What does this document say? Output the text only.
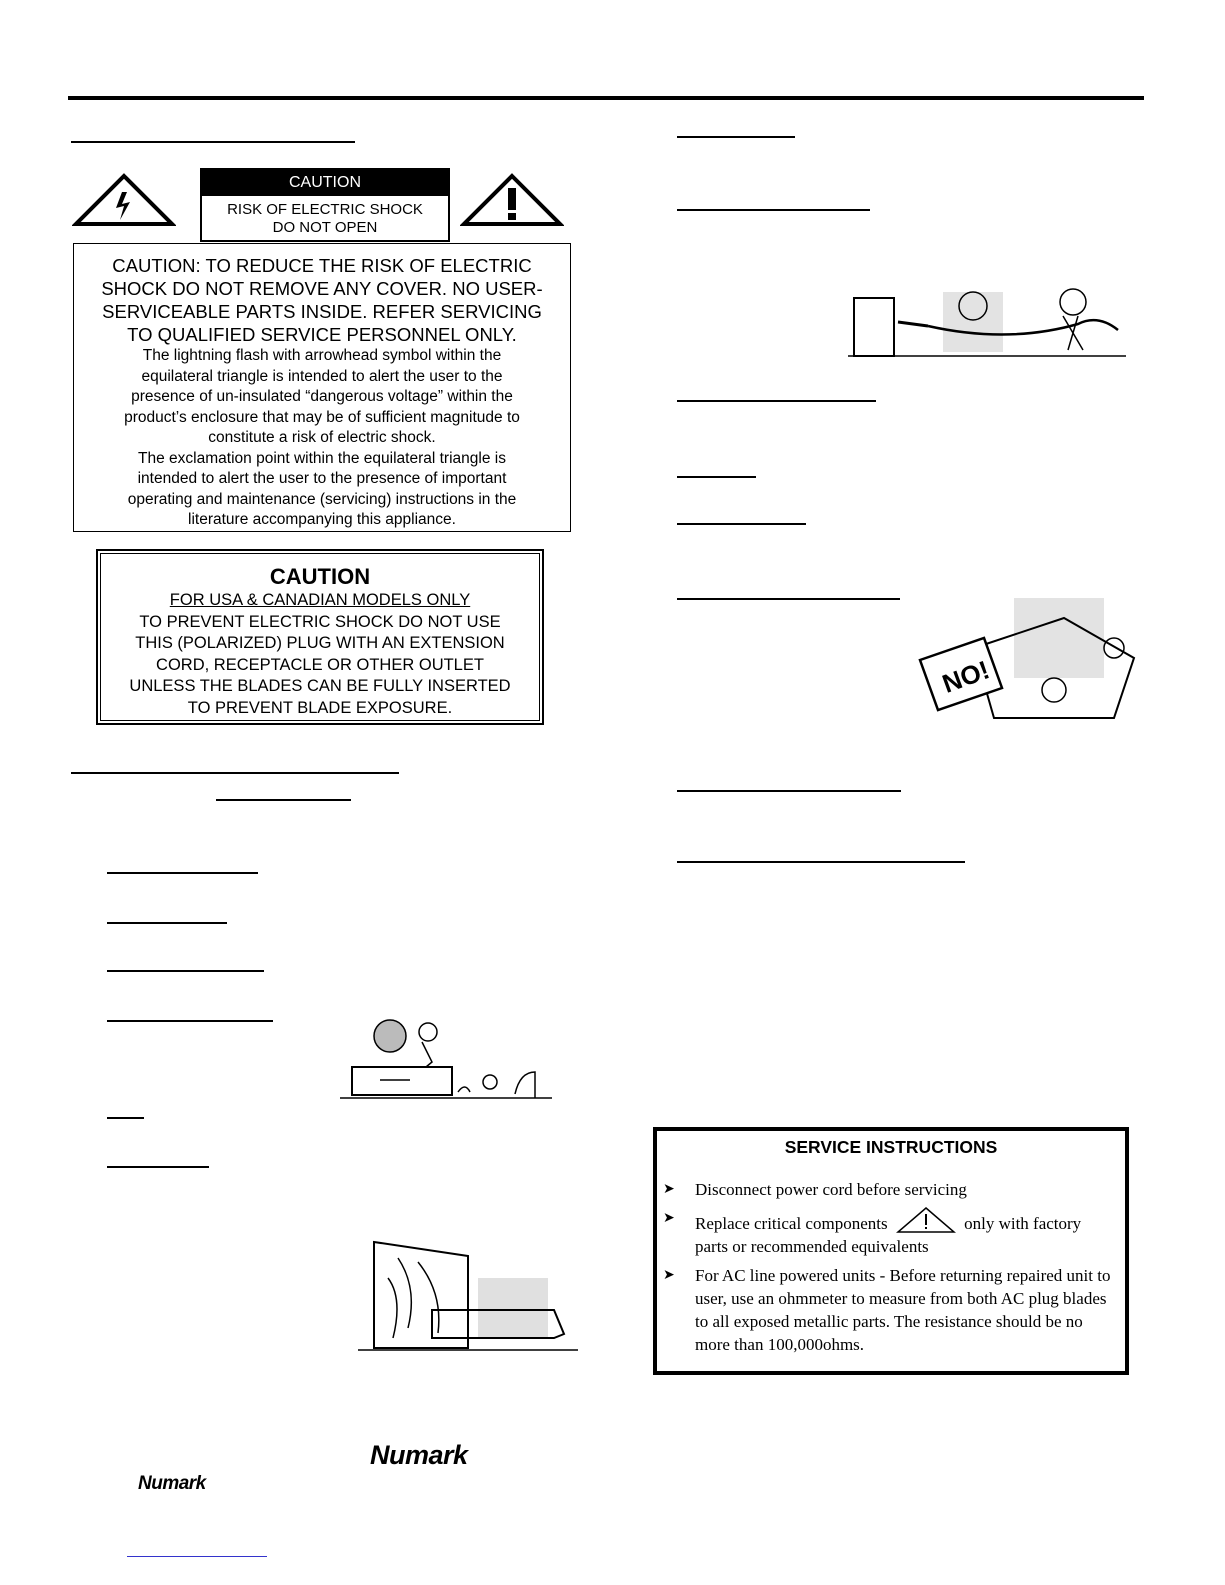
CAUTION
RISK OF ELECTRIC SHOCK
DO NOT OPEN
CAUTION: TO REDUCE THE RISK OF ELECTRIC
SHOCK DO NOT REMOVE ANY COVER. NO USER-
SERVICEABLE PARTS INSIDE. REFER SERVICING
TO QUALIFIED SERVICE PERSONNEL ONLY.
The lightning flash with arrowhead symbol within the
equilateral triangle is intended to alert the user to the
presence of un-insulated “dangerous voltage” within the
product’s enclosure that may be of sufficient magnitude to
constitute a risk of electric shock.
The exclamation point within the equilateral triangle is
intended to alert the user to the presence of important
operating and maintenance (servicing) instructions in the
literature accompanying this appliance.
CAUTION
FOR USA & CANADIAN MODELS ONLY
TO PREVENT ELECTRIC SHOCK DO NOT USE
THIS (POLARIZED) PLUG WITH AN EXTENSION
CORD, RECEPTACLE OR OTHER OUTLET
UNLESS THE BLADES CAN BE FULLY INSERTED
TO PREVENT BLADE EXPOSURE.
NO!
SERVICE INSTRUCTIONS
➤ Disconnect power cord before servicing
➤ Replace critical components	only with factory parts or recommended equivalents
➤ For AC line powered units - Before returning repaired unit to user, use an ohmmeter to measure from both AC plug blades to all exposed metallic parts. The resistance should be no more than 100,000ohms.
Numark
Numark
